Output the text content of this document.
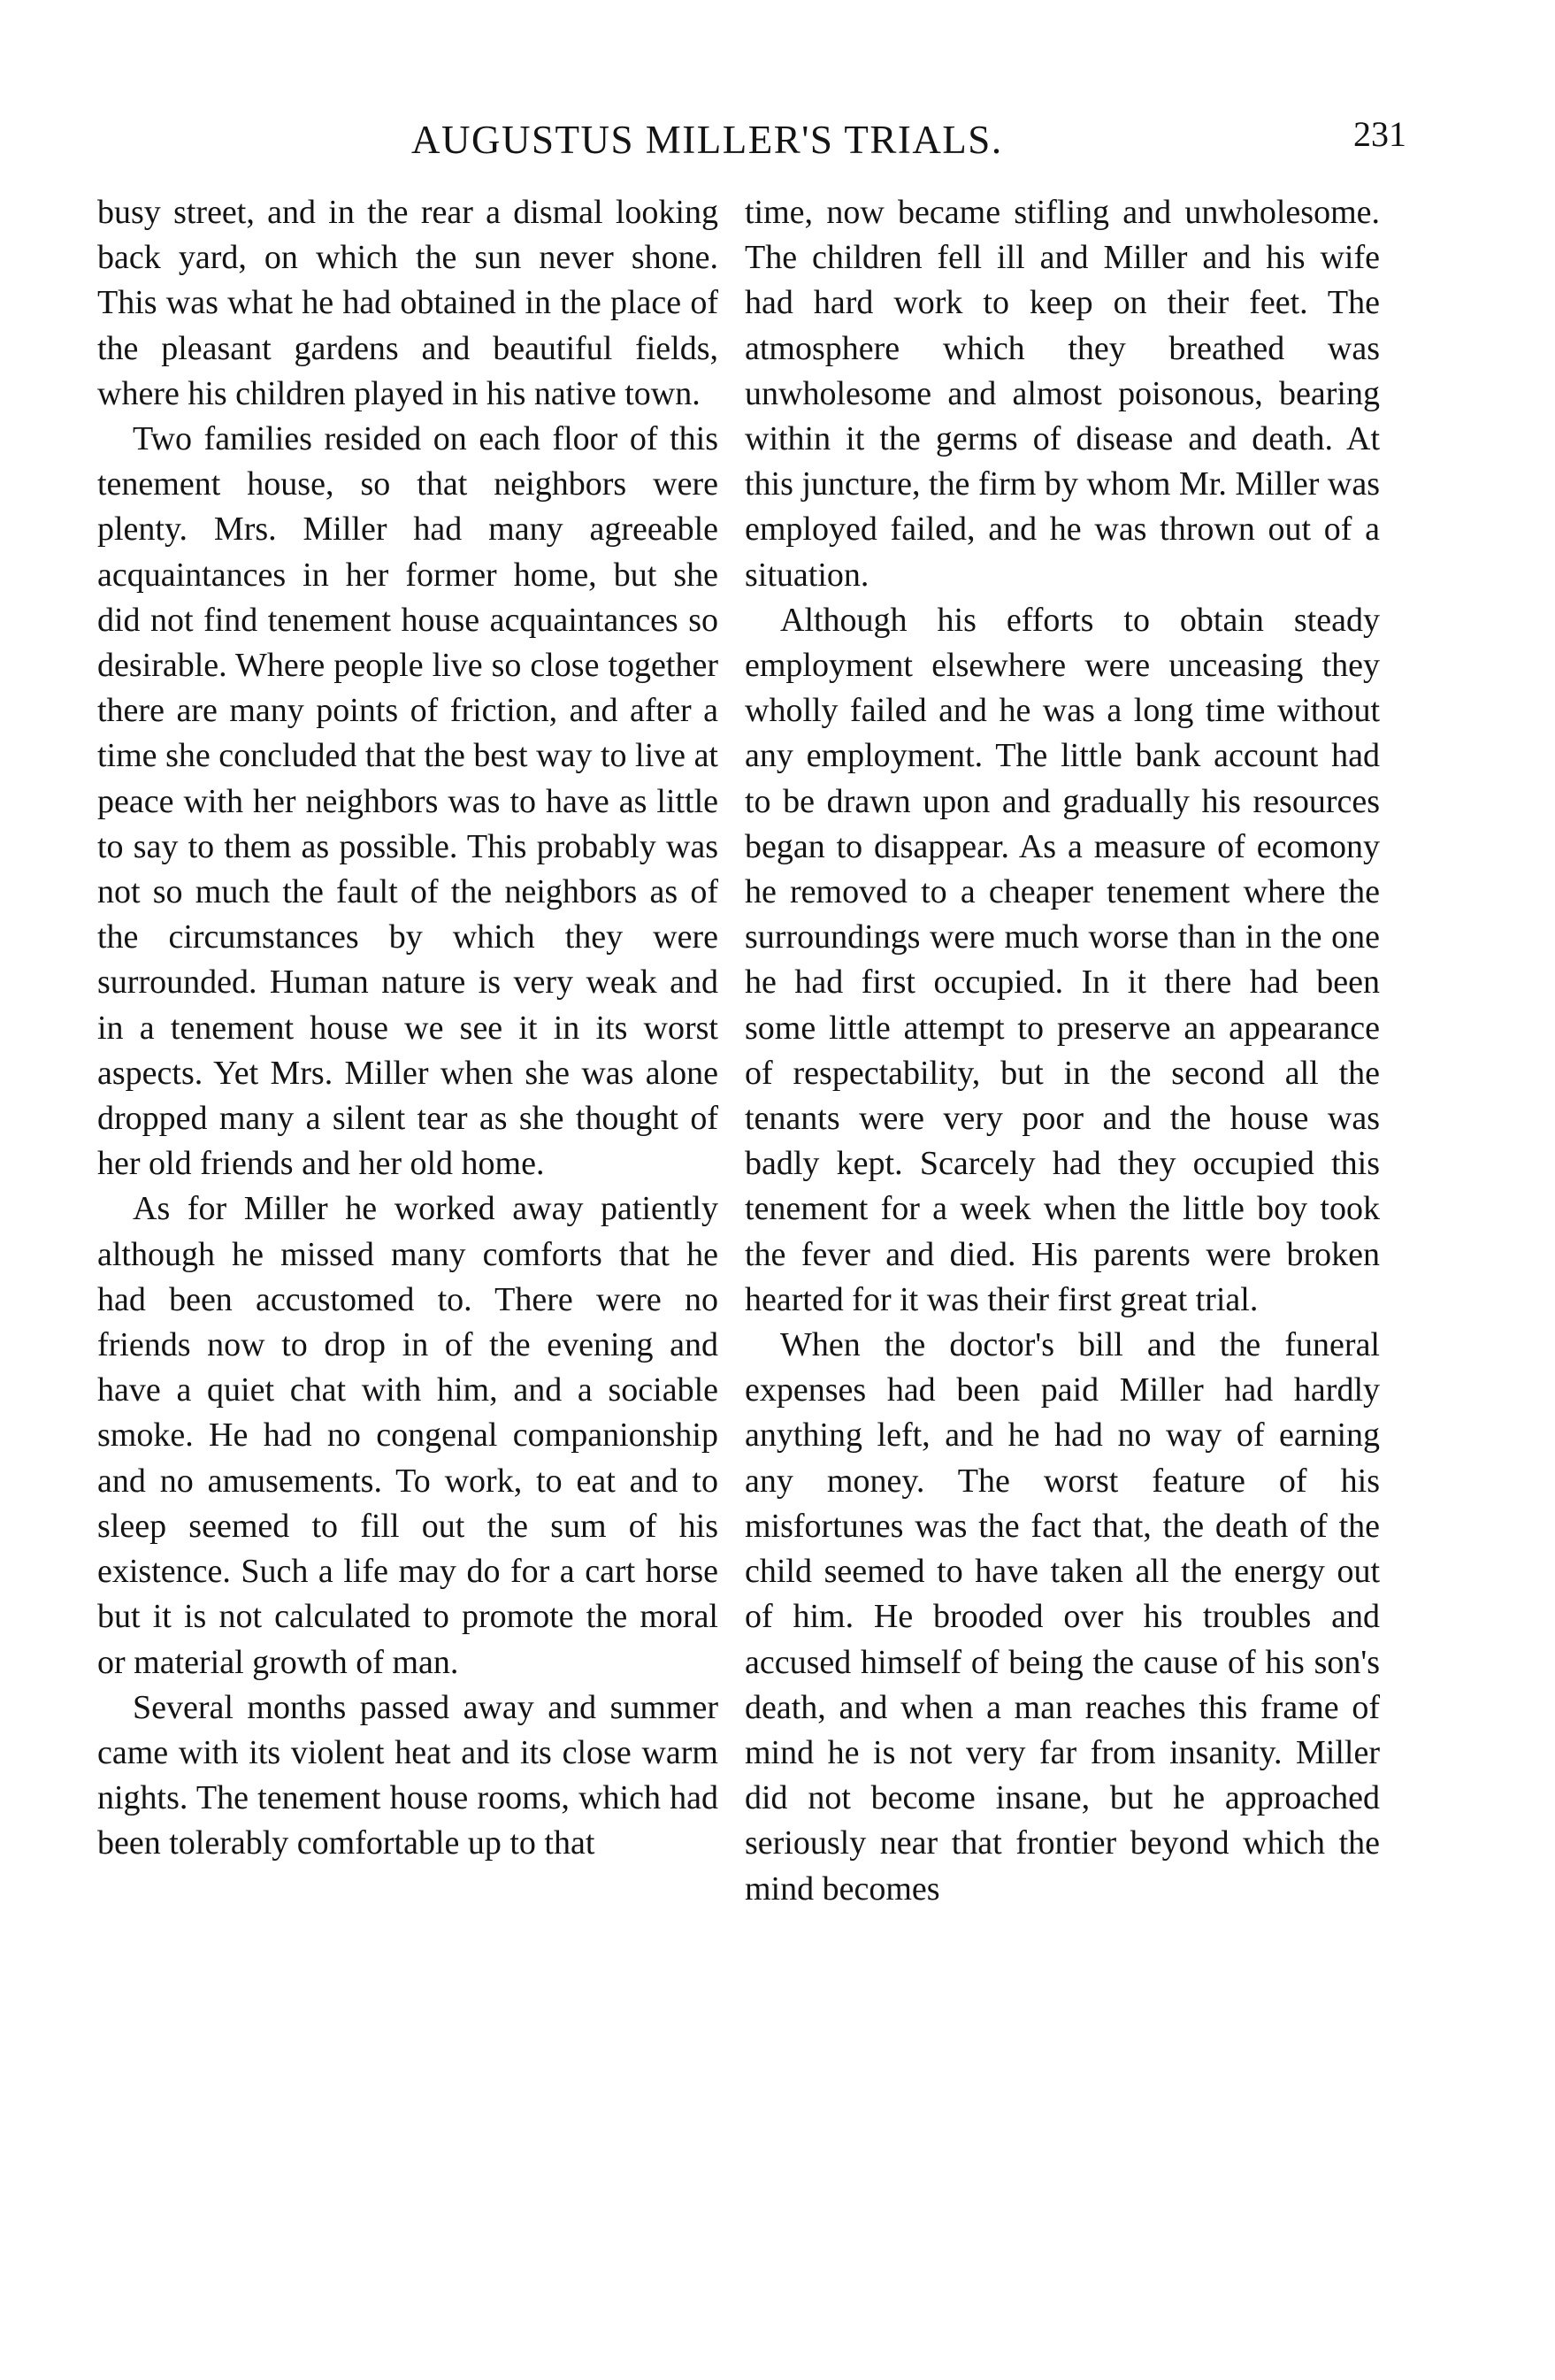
AUGUSTUS MILLER'S TRIALS.	231

busy street, and in the rear a dismal looking back yard, on which the sun never shone. This was what he had obtained in the place of the pleasant gardens and beautiful fields, where his children played in his native town.

Two families resided on each floor of this tenement house, so that neighbors were plenty. Mrs. Miller had many agreeable acquaintances in her former home, but she did not find tenement house acquaintances so desirable. Where people live so close together there are many points of friction, and after a time she concluded that the best way to live at peace with her neighbors was to have as little to say to them as possible. This probably was not so much the fault of the neighbors as of the circumstances by which they were surrounded. Human nature is very weak and in a tenement house we see it in its worst aspects. Yet Mrs. Miller when she was alone dropped many a silent tear as she thought of her old friends and her old home.

As for Miller he worked away patiently although he missed many comforts that he had been accustomed to. There were no friends now to drop in of the evening and have a quiet chat with him, and a sociable smoke. He had no congenal companionship and no amusements. To work, to eat and to sleep seemed to fill out the sum of his existence. Such a life may do for a cart horse but it is not calculated to promote the moral or material growth of man.

Several months passed away and summer came with its violent heat and its close warm nights. The tenement house rooms, which had been tolerably comfortable up to that

time, now became stifling and unwholesome. The children fell ill and Miller and his wife had hard work to keep on their feet. The atmosphere which they breathed was unwholesome and almost poisonous, bearing within it the germs of disease and death. At this juncture, the firm by whom Mr. Miller was employed failed, and he was thrown out of a situation.

Although his efforts to obtain steady employment elsewhere were unceasing they wholly failed and he was a long time without any employment. The little bank account had to be drawn upon and gradually his resources began to disappear. As a measure of ecomony he removed to a cheaper tenement where the surroundings were much worse than in the one he had first occupied. In it there had been some little attempt to preserve an appearance of respectability, but in the second all the tenants were very poor and the house was badly kept. Scarcely had they occupied this tenement for a week when the little boy took the fever and died. His parents were broken hearted for it was their first great trial.

When the doctor's bill and the funeral expenses had been paid Miller had hardly anything left, and he had no way of earning any money. The worst feature of his misfortunes was the fact that, the death of the child seemed to have taken all the energy out of him. He brooded over his troubles and accused himself of being the cause of his son's death, and when a man reaches this frame of mind he is not very far from insanity. Miller did not become insane, but he approached seriously near that frontier beyond which the mind becomes
